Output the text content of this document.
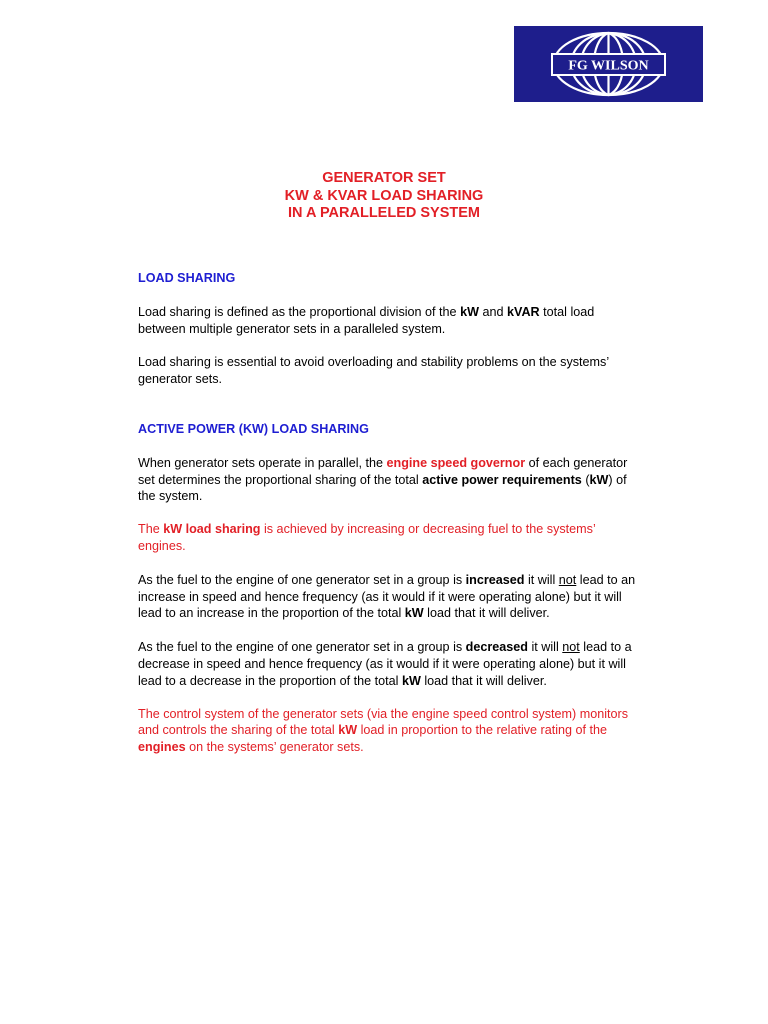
FG WILSON
GENERATOR SET
KW & KVAR LOAD SHARING
IN A PARALLELED SYSTEM

LOAD SHARING

Load sharing is defined as the proportional division of the kW and kVAR total load between multiple generator sets in a paralleled system.

Load sharing is essential to avoid overloading and stability problems on the systems’ generator sets.

ACTIVE POWER (KW) LOAD SHARING

When generator sets operate in parallel, the engine speed governor of each generator set determines the proportional sharing of the total active power requirements (kW) of the system.

The kW load sharing is achieved by increasing or decreasing fuel to the systems’ engines.

As the fuel to the engine of one generator set in a group is increased it will not lead to an increase in speed and hence frequency (as it would if it were operating alone) but it will lead to an increase in the proportion of the total kW load that it will deliver.

As the fuel to the engine of one generator set in a group is decreased it will not lead to a decrease in speed and hence frequency (as it would if it were operating alone) but it will lead to a decrease in the proportion of the total kW load that it will deliver.

The control system of the generator sets (via the engine speed control system) monitors and controls the sharing of the total kW load in proportion to the relative rating of the engines on the systems’ generator sets.
